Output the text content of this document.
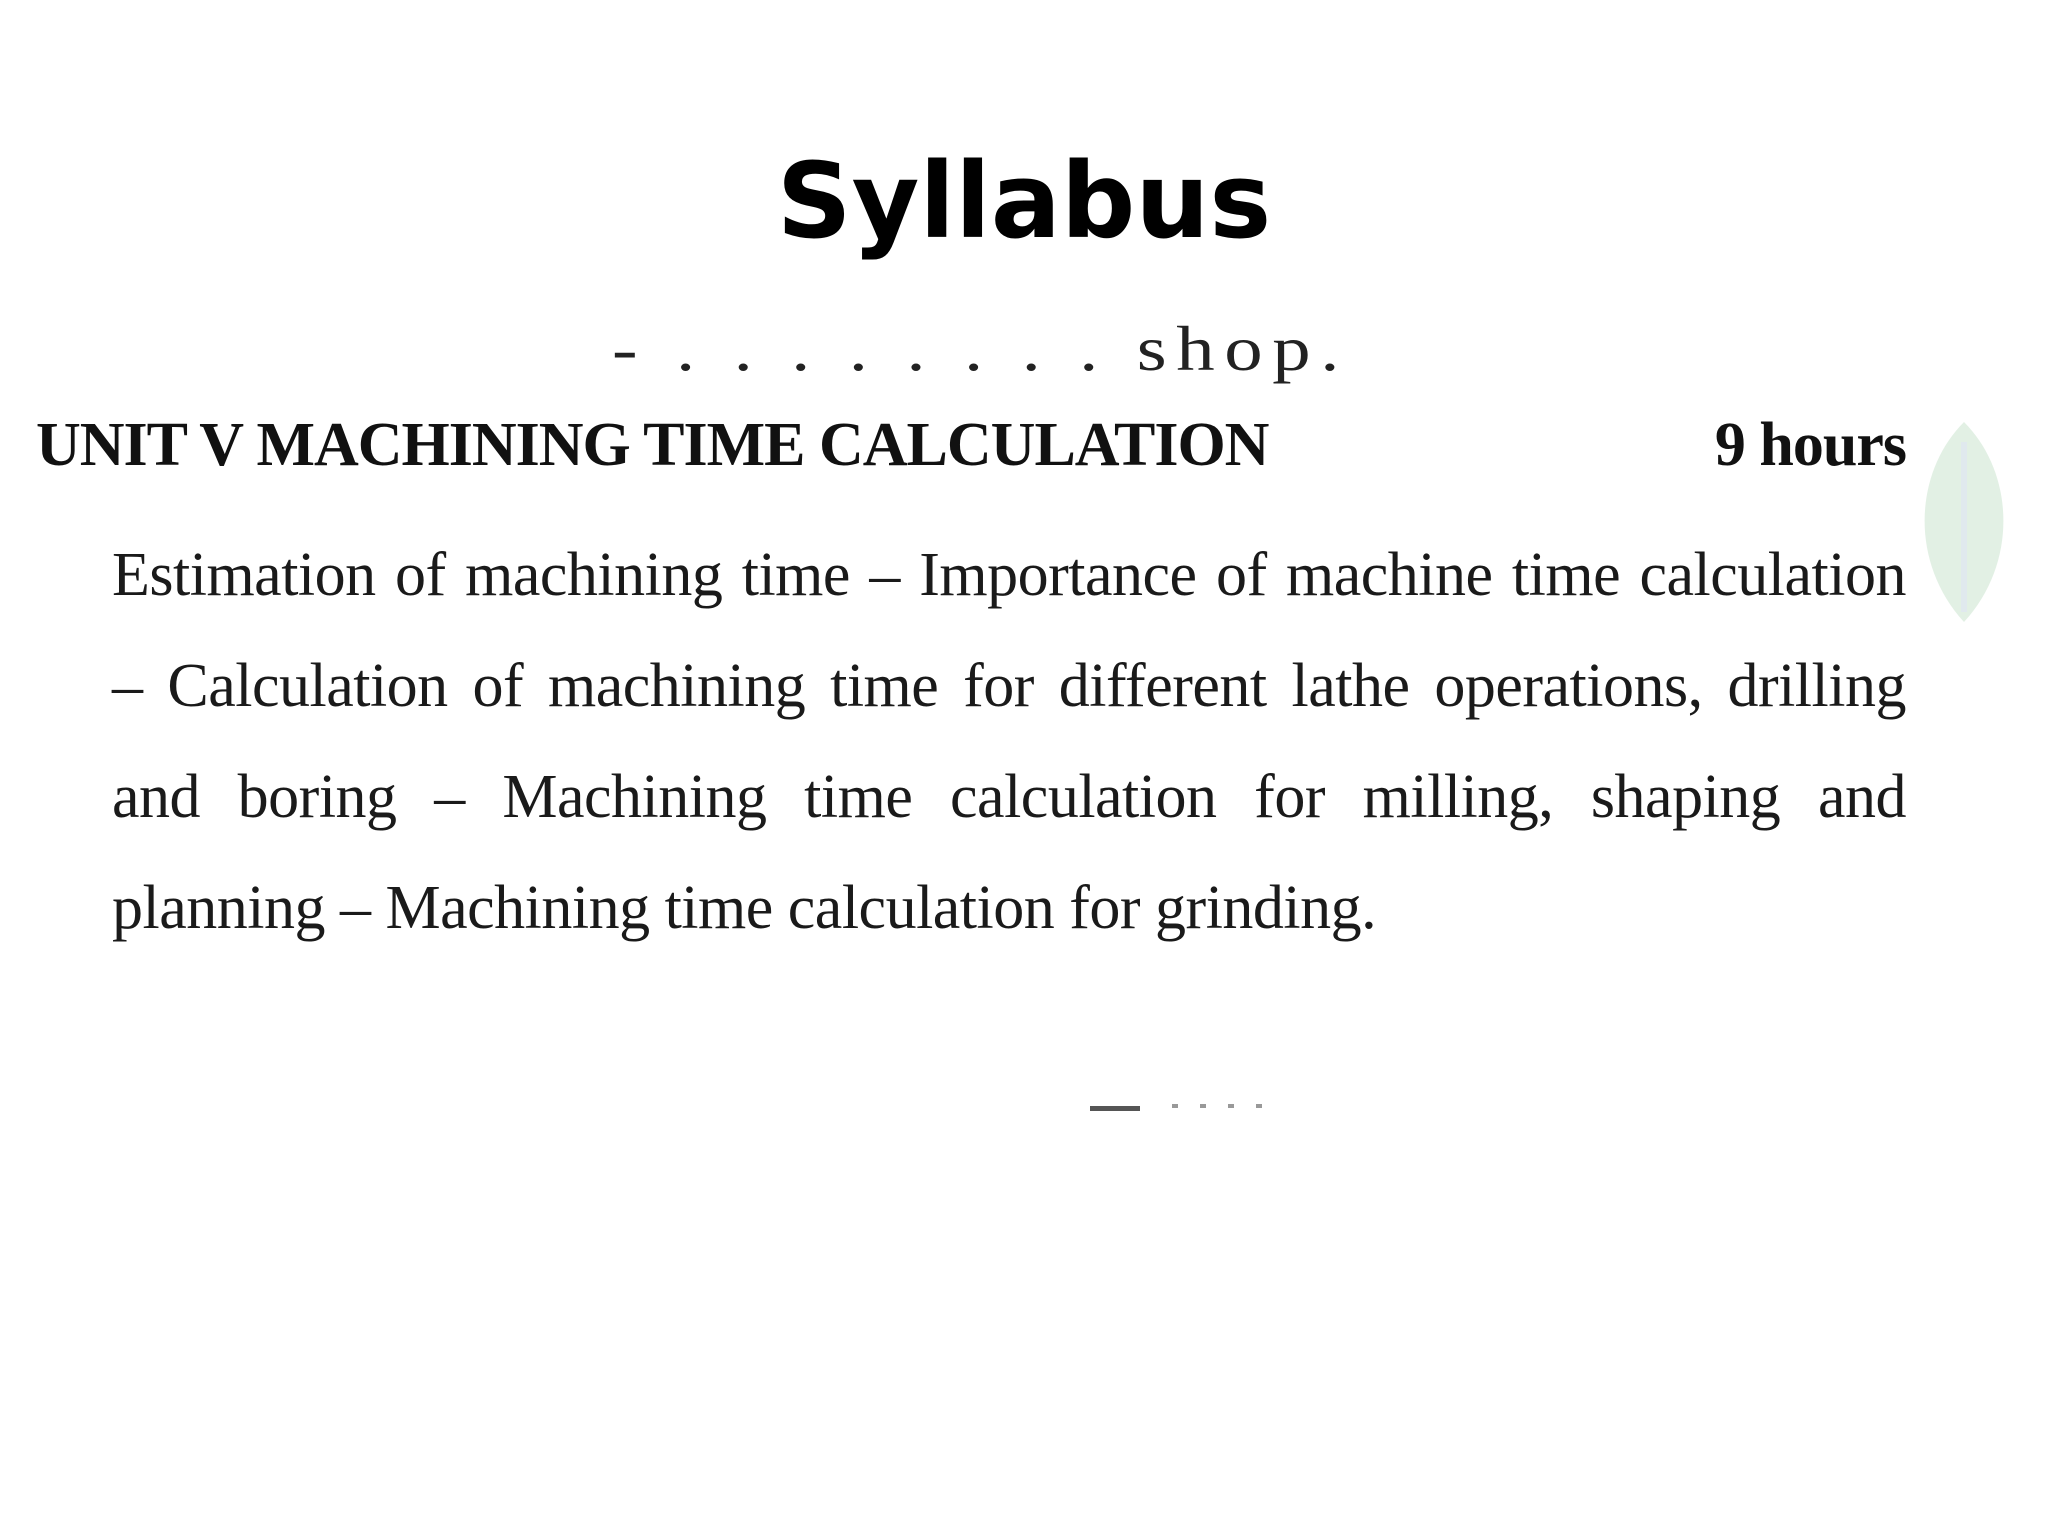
Syllabus
- . . . . . . . . shop.
UNIT V MACHINING TIME CALCULATION	9 hours

Estimation of machining time – Importance of machine time calculation – Calculation of machining time for different lathe operations, drilling and boring – Machining time calculation for milling, shaping and planning – Machining time calculation for grinding.
